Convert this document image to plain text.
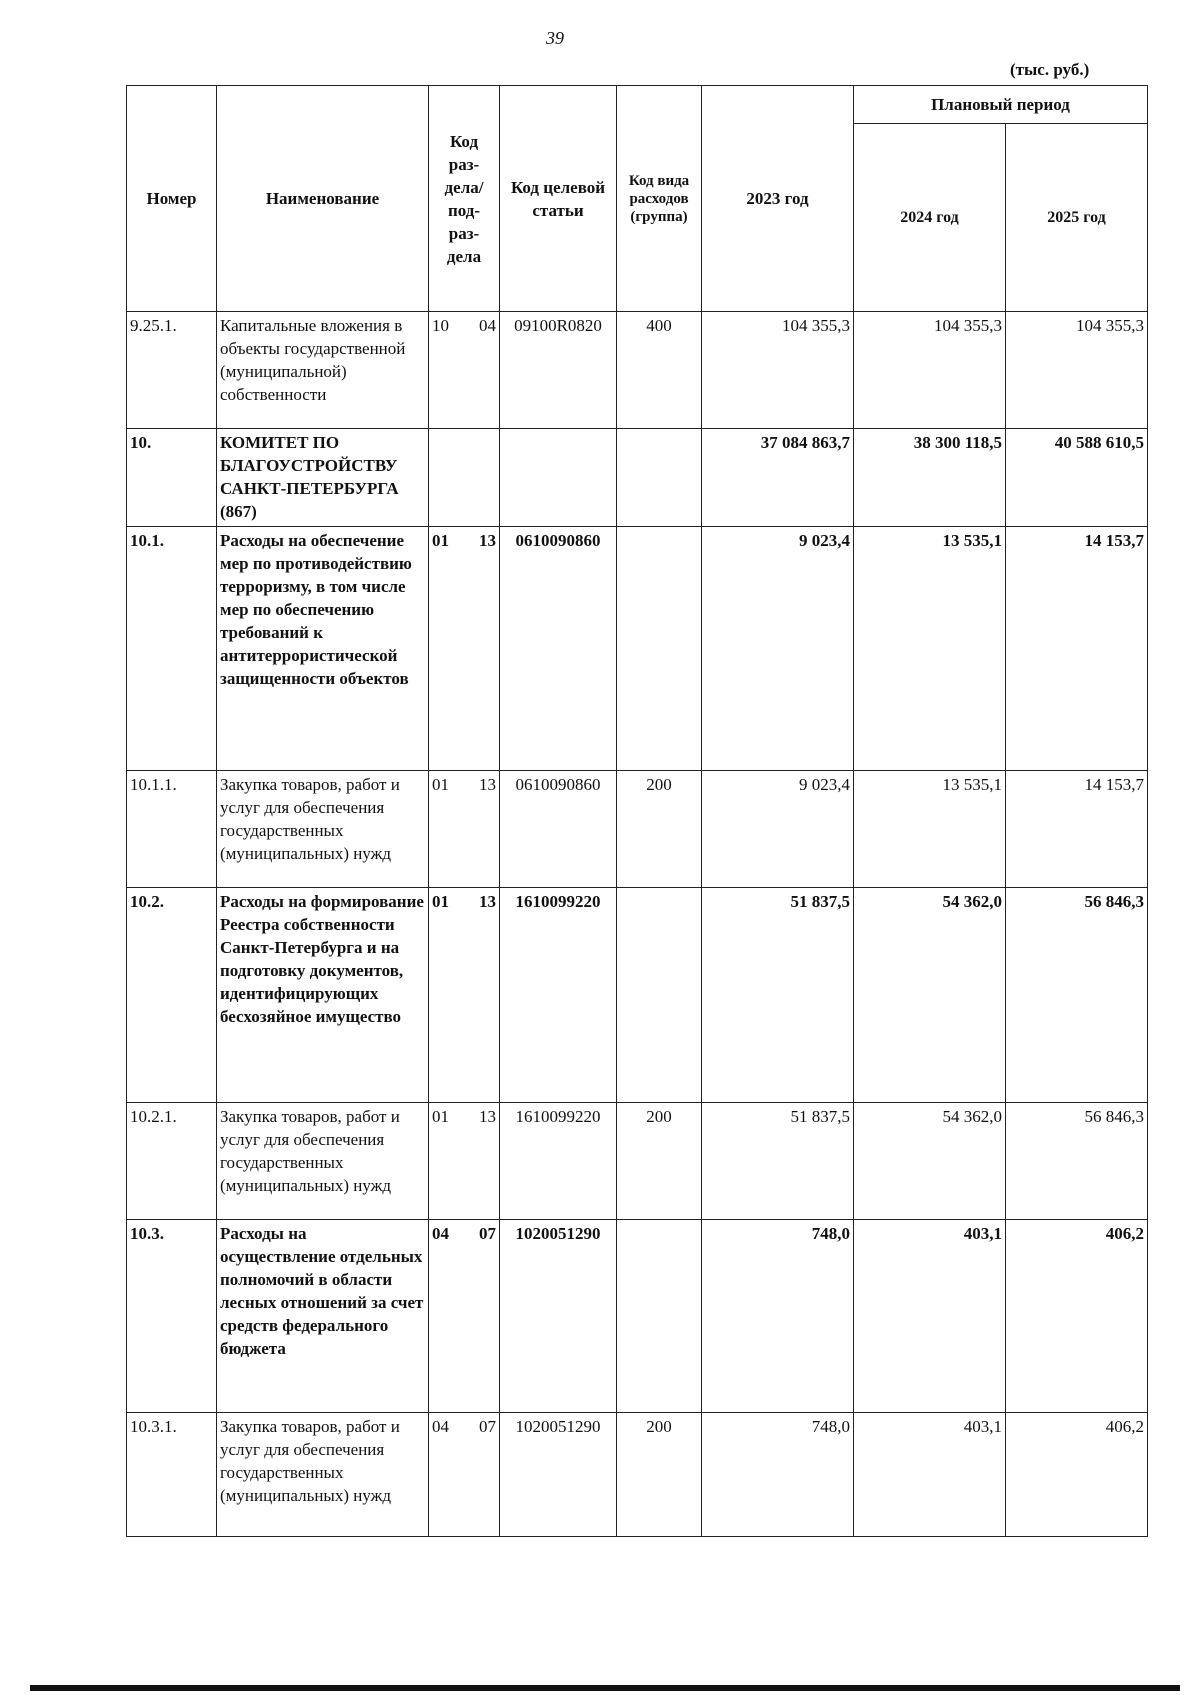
39
(тыс. руб.)
Номер	Наименование	Код раз-дела/ под-раз-дела	Код целевой статьи	Код вида расходов (группа)	2023 год	Плановый период	
						2024 год	2025 год
9.25.1.	Капитальные вложения в объекты государственной (муниципальной) собственности	10 04	09100R0820	400	104 355,3	104 355,3	104 355,3
10.	КОМИТЕТ ПО БЛАГОУСТРОЙСТВУ САНКТ-ПЕТЕРБУРГА (867)				37 084 863,7	38 300 118,5	40 588 610,5
10.1.	Расходы на обеспечение мер по противодействию терроризму, в том числе мер по обеспечению требований к антитеррористической защищенности объектов	01 13	0610090860		9 023,4	13 535,1	14 153,7
10.1.1.	Закупка товаров, работ и услуг для обеспечения государственных (муниципальных) нужд	01 13	0610090860	200	9 023,4	13 535,1	14 153,7
10.2.	Расходы на формирование Реестра собственности Санкт-Петербурга и на подготовку документов, идентифицирующих бесхозяйное имущество	01 13	1610099220		51 837,5	54 362,0	56 846,3
10.2.1.	Закупка товаров, работ и услуг для обеспечения государственных (муниципальных) нужд	01 13	1610099220	200	51 837,5	54 362,0	56 846,3
10.3.	Расходы на осуществление отдельных полномочий в области лесных отношений за счет средств федерального бюджета	04 07	1020051290		748,0	403,1	406,2
10.3.1.	Закупка товаров, работ и услуг для обеспечения государственных (муниципальных) нужд	04 07	1020051290	200	748,0	403,1	406,2
